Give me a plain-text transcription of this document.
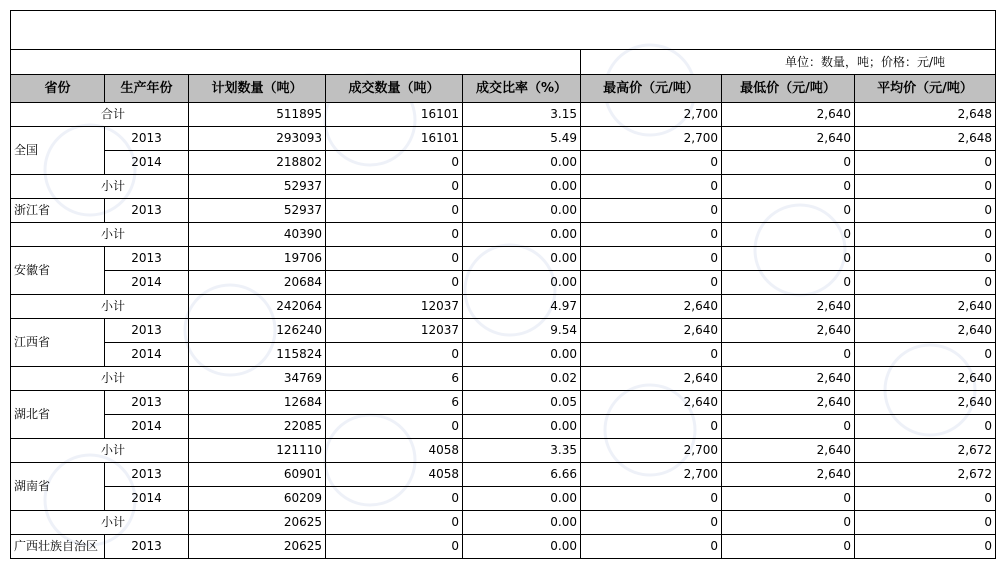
					单位：数量，吨；价格：元/吨		
省份	生产年份	计划数量（吨）	成交数量（吨）	成交比率（%）	最高价（元/吨）	最低价（元/吨）	平均价（元/吨）
合计		511895	16101	3.15	2,700	2,640	2,648
全国	2013	293093	16101	5.49	2,700	2,640	2,648
	2014	218802	0	0.00	0	0	0
小计		52937	0	0.00	0	0	0
浙江省	2013	52937	0	0.00	0	0	0
小计		40390	0	0.00	0	0	0
安徽省	2013	19706	0	0.00	0	0	0
	2014	20684	0	0.00	0	0	0
小计		242064	12037	4.97	2,640	2,640	2,640
江西省	2013	126240	12037	9.54	2,640	2,640	2,640
	2014	115824	0	0.00	0	0	0
小计		34769	6	0.02	2,640	2,640	2,640
湖北省	2013	12684	6	0.05	2,640	2,640	2,640
	2014	22085	0	0.00	0	0	0
小计		121110	4058	3.35	2,700	2,640	2,672
湖南省	2013	60901	4058	6.66	2,700	2,640	2,672
	2014	60209	0	0.00	0	0	0
小计		20625	0	0.00	0	0	0
广西壮族自治区	2013	20625	0	0.00	0	0	0
